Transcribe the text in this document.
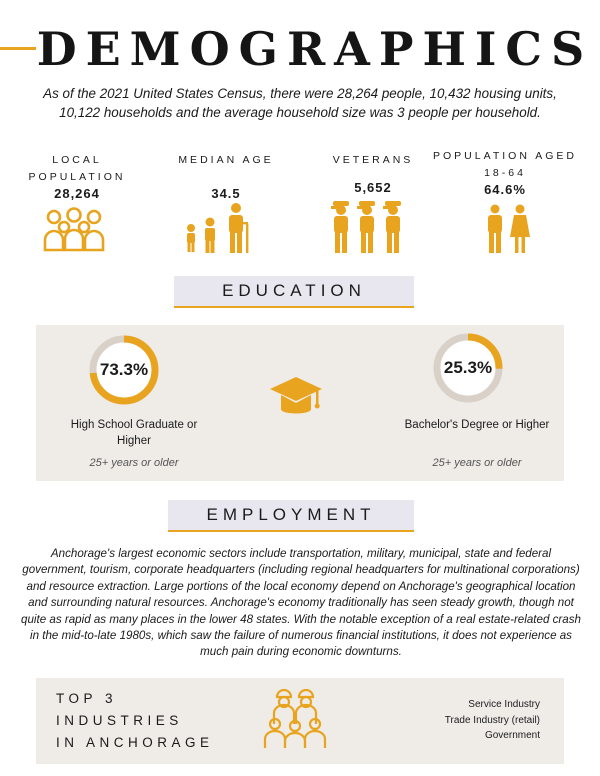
DEMOGRAPHICS
As of the 2021 United States Census, there were 28,264 people, 10,432 housing units, 10,122 households and the average household size was 3 people per household.
LOCAL
POPULATION
28,264
MEDIAN AGE
34.5
VETERANS
5,652
POPULATION AGED
18-64
64.6%
EDUCATION
73.3%
High School Graduate or
Higher
25+ years or older
25.3%
Bachelor's Degree or Higher
25+ years or older
EMPLOYMENT
Anchorage's largest economic sectors include transportation, military, municipal, state and federal government, tourism, corporate headquarters (including regional headquarters for multinational corporations) and resource extraction. Large portions of the local economy depend on Anchorage's geographical location and surrounding natural resources. Anchorage's economy traditionally has seen steady growth, though not quite as rapid as many places in the lower 48 states. With the notable exception of a real estate-related crash in the mid-to-late 1980s, which saw the failure of numerous financial institutions, it does not experience as much pain during economic downturns.
TOP 3
INDUSTRIES
IN ANCHORAGE
Service Industry
Trade Industry (retail)
Government
